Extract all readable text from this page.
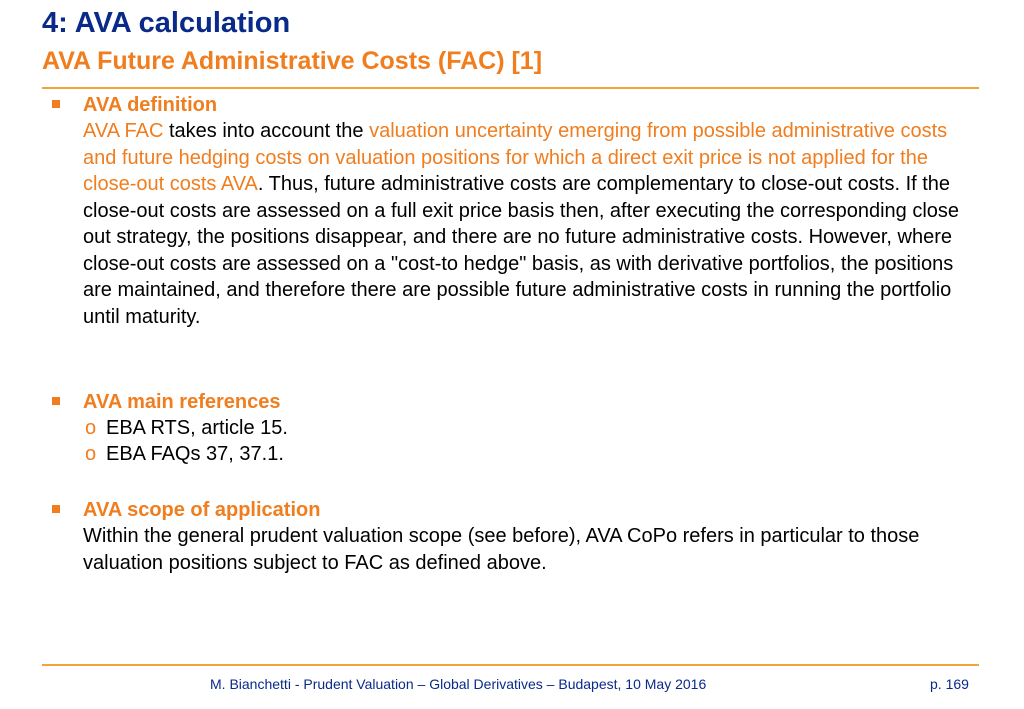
4: AVA calculation
AVA Future Administrative Costs (FAC) [1]
AVA definition
AVA FAC takes into account the valuation uncertainty emerging from possible administrative costs and future hedging costs on valuation positions for which a direct exit price is not applied for the close-out costs AVA. Thus, future administrative costs are complementary to close-out costs. If the close-out costs are assessed on a full exit price basis then, after executing the corresponding close out strategy, the positions disappear, and there are no future administrative costs. However, where close-out costs are assessed on a "cost-to hedge" basis, as with derivative portfolios, the positions are maintained, and therefore there are possible future administrative costs in running the portfolio until maturity.
AVA main references
o EBA RTS, article 15.
o EBA FAQs 37, 37.1.
AVA scope of application
Within the general prudent valuation scope (see before), AVA CoPo refers in particular to those valuation positions subject to FAC as defined above.
M. Bianchetti - Prudent Valuation – Global Derivatives – Budapest, 10 May 2016	p. 169
